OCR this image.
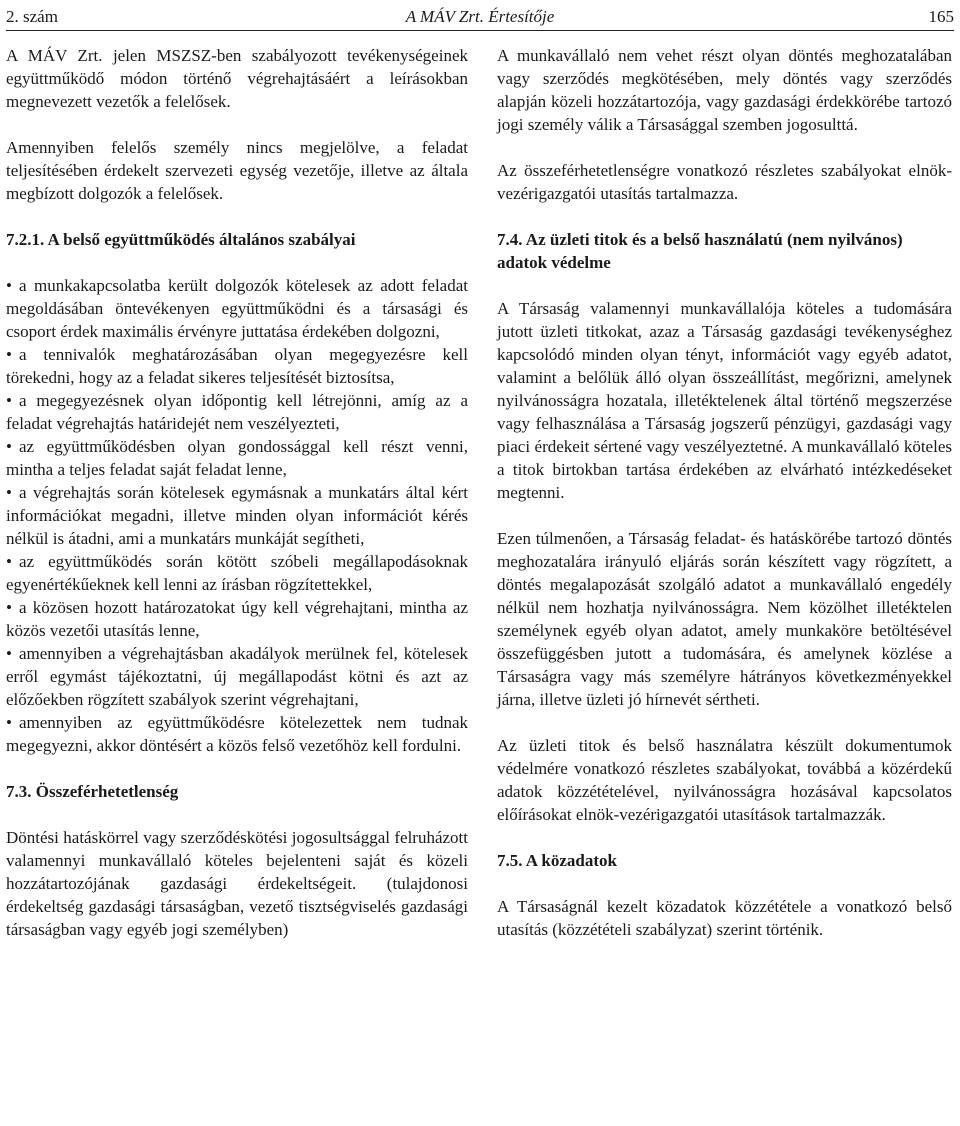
2. szám	A MÁV Zrt. Értesítője	165

A MÁV Zrt. jelen MSZSZ-ben szabályozott tevékenységeinek együttműködő módon történő végrehajtásáért a leírásokban megnevezett vezetők a felelősek.

Amennyiben felelős személy nincs megjelölve, a feladat teljesítésében érdekelt szervezeti egység vezetője, illetve az általa megbízott dolgozók a felelősek.

7.2.1. A belső együttműködés általános szabályai
• a munkakapcsolatba került dolgozók kötelesek az adott feladat megoldásában öntevékenyen együttműködni és a társasági és csoport érdek maximális érvényre juttatása érdekében dolgozni,
• a tennivalók meghatározásában olyan megegyezésre kell törekedni, hogy az a feladat sikeres teljesítését biztosítsa,
• a megegyezésnek olyan időpontig kell létrejönni, amíg az a feladat végrehajtás határidejét nem veszélyezteti,
• az együttműködésben olyan gondossággal kell részt venni, mintha a teljes feladat saját feladat lenne,
• a végrehajtás során kötelesek egymásnak a munkatárs által kért információkat megadni, illetve minden olyan információt kérés nélkül is átadni, ami a munkatárs munkáját segítheti,
• az együttműködés során kötött szóbeli megállapodásoknak egyenértékűeknek kell lenni az írásban rögzítettekkel,
• a közösen hozott határozatokat úgy kell végrehajtani, mintha az közös vezetői utasítás lenne,
• amennyiben a végrehajtásban akadályok merülnek fel, kötelesek erről egymást tájékoztatni, új megállapodást kötni és azt az előzőekben rögzített szabályok szerint végrehajtani,
• amennyiben az együttműködésre kötelezettek nem tudnak megegyezni, akkor döntésért a közös felső vezetőhöz kell fordulni.
7.3. Összeférhetetlenség

Döntési hatáskörrel vagy szerződéskötési jogosultsággal felruházott valamennyi munkavállaló köteles bejelenteni saját és közeli hozzátartozójának gazdasági érdekeltségeit. (tulajdonosi érdekeltség gazdasági társaságban, vezető tisztségviselés gazdasági társaságban vagy egyéb jogi személyben)

A munkavállaló nem vehet részt olyan döntés meghozatalában vagy szerződés megkötésében, mely döntés vagy szerződés alapján közeli hozzátartozója, vagy gazdasági érdekkörébe tartozó jogi személy válik a Társasággal szemben jogosulttá.

Az összeférhetetlenségre vonatkozó részletes szabályokat elnök-vezérigazgatói utasítás tartalmazza.

7.4. Az üzleti titok és a belső használatú (nem nyilvános) adatok védelme

A Társaság valamennyi munkavállalója köteles a tudomására jutott üzleti titkokat, azaz a Társaság gazdasági tevékenységhez kapcsolódó minden olyan tényt, információt vagy egyéb adatot, valamint a belőlük álló olyan összeállítást, megőrizni, amelynek nyilvánosságra hozatala, illetéktelenek által történő megszerzése vagy felhasználása a Társaság jogszerű pénzügyi, gazdasági vagy piaci érdekeit sértené vagy veszélyeztetné. A munkavállaló köteles a titok birtokban tartása érdekében az elvárható intézkedéseket megtenni.

Ezen túlmenően, a Társaság feladat- és hatáskörébe tartozó döntés meghozatalára irányuló eljárás során készített vagy rögzített, a döntés megalapozását szolgáló adatot a munkavállaló engedély nélkül nem hozhatja nyilvánosságra. Nem közölhet illetéktelen személynek egyéb olyan adatot, amely munkaköre betöltésével összefüggésben jutott a tudomására, és amelynek közlése a Társaságra vagy más személyre hátrányos következményekkel járna, illetve üzleti jó hírnevét sértheti.

Az üzleti titok és belső használatra készült dokumentumok védelmére vonatkozó részletes szabályokat, továbbá a közérdekű adatok közzétételével, nyilvánosságra hozásával kapcsolatos előírásokat elnök-vezérigazgatói utasítások tartalmazzák.

7.5. A közadatok

A Társaságnál kezelt közadatok közzététele a vonatkozó belső utasítás (közzétételi szabályzat) szerint történik.
